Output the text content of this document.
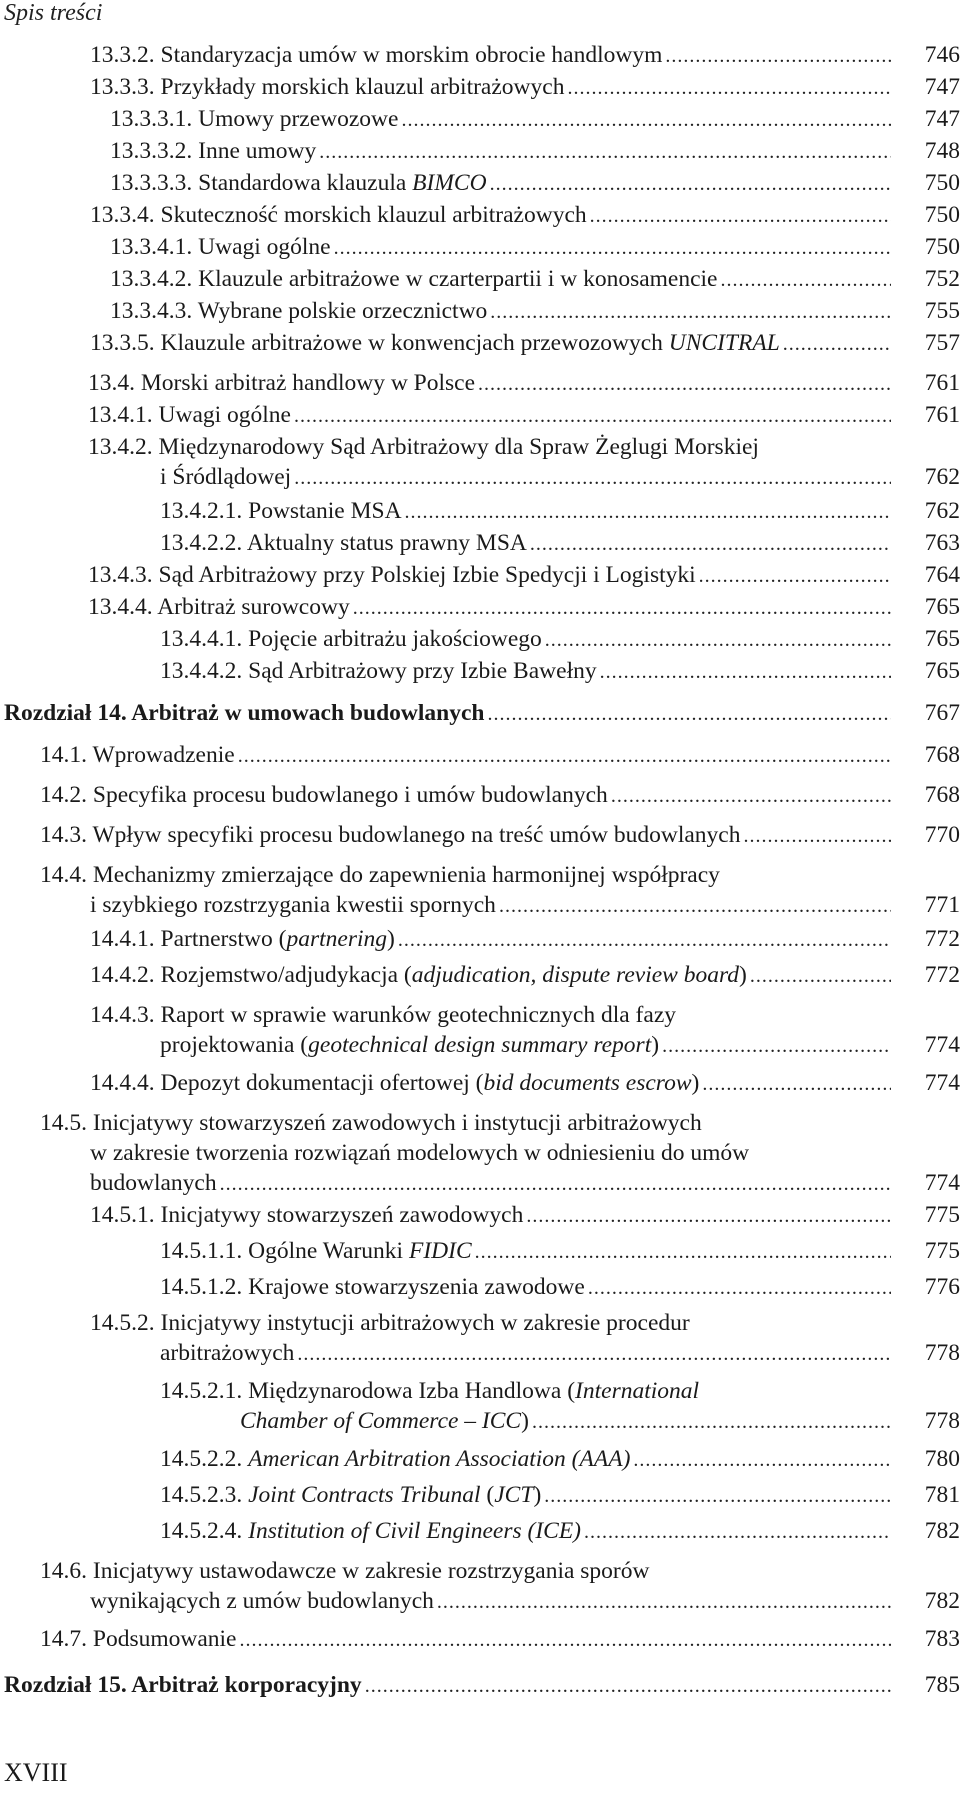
Spis treści
13.3.2. Standaryzacja umów w morskim obrocie handlowym .....	746
13.3.3. Przykłady morskich klauzul arbitrażowych .....	747
13.3.3.1. Umowy przewozowe .....	747
13.3.3.2. Inne umowy .....	748
13.3.3.3. Standardowa klauzula BIMCO .....	750
13.3.4. Skuteczność morskich klauzul arbitrażowych .....	750
13.3.4.1. Uwagi ogólne .....	750
13.3.4.2. Klauzule arbitrażowe w czarterpartii i w konosamencie .....	752
13.3.4.3. Wybrane polskie orzecznictwo .....	755
13.3.5. Klauzule arbitrażowe w konwencjach przewozowych UNCITRAL .....	757
13.4. Morski arbitraż handlowy w Polsce .....	761
13.4.1. Uwagi ogólne .....	761
13.4.2. Międzynarodowy Sąd Arbitrażowy dla Spraw Żeglugi Morskiej
i Śródlądowej .....	762
13.4.2.1. Powstanie MSA .....	762
13.4.2.2. Aktualny status prawny MSA .....	763
13.4.3. Sąd Arbitrażowy przy Polskiej Izbie Spedycji i Logistyki .....	764
13.4.4. Arbitraż surowcowy .....	765
13.4.4.1. Pojęcie arbitrażu jakościowego .....	765
13.4.4.2. Sąd Arbitrażowy przy Izbie Bawełny .....	765
Rozdział 14. Arbitraż w umowach budowlanych .....	767
14.1. Wprowadzenie .....	768
14.2. Specyfika procesu budowlanego i umów budowlanych .....	768
14.3. Wpływ specyfiki procesu budowlanego na treść umów budowlanych .....	770
14.4. Mechanizmy zmierzające do zapewnienia harmonijnej współpracy
i szybkiego rozstrzygania kwestii spornych .....	771
14.4.1. Partnerstwo (partnering) .....	772
14.4.2. Rozjemstwo/adjudykacja (adjudication, dispute review board) .....	772
14.4.3. Raport w sprawie warunków geotechnicznych dla fazy
projektowania (geotechnical design summary report) .....	774
14.4.4. Depozyt dokumentacji ofertowej (bid documents escrow) .....	774
14.5. Inicjatywy stowarzyszeń zawodowych i instytucji arbitrażowych
w zakresie tworzenia rozwiązań modelowych w odniesieniu do umów
budowlanych .....	774
14.5.1. Inicjatywy stowarzyszeń zawodowych .....	775
14.5.1.1. Ogólne Warunki FIDIC .....	775
14.5.1.2. Krajowe stowarzyszenia zawodowe .....	776
14.5.2. Inicjatywy instytucji arbitrażowych w zakresie procedur
arbitrażowych .....	778
14.5.2.1. Międzynarodowa Izba Handlowa (International
Chamber of Commerce – ICC) .....	778
14.5.2.2. American Arbitration Association (AAA) .....	780
14.5.2.3. Joint Contracts Tribunal (JCT) .....	781
14.5.2.4. Institution of Civil Engineers (ICE) .....	782
14.6. Inicjatywy ustawodawcze w zakresie rozstrzygania sporów
wynikających z umów budowlanych .....	782
14.7. Podsumowanie .....	783
Rozdział 15. Arbitraż korporacyjny .....	785
XVIII
